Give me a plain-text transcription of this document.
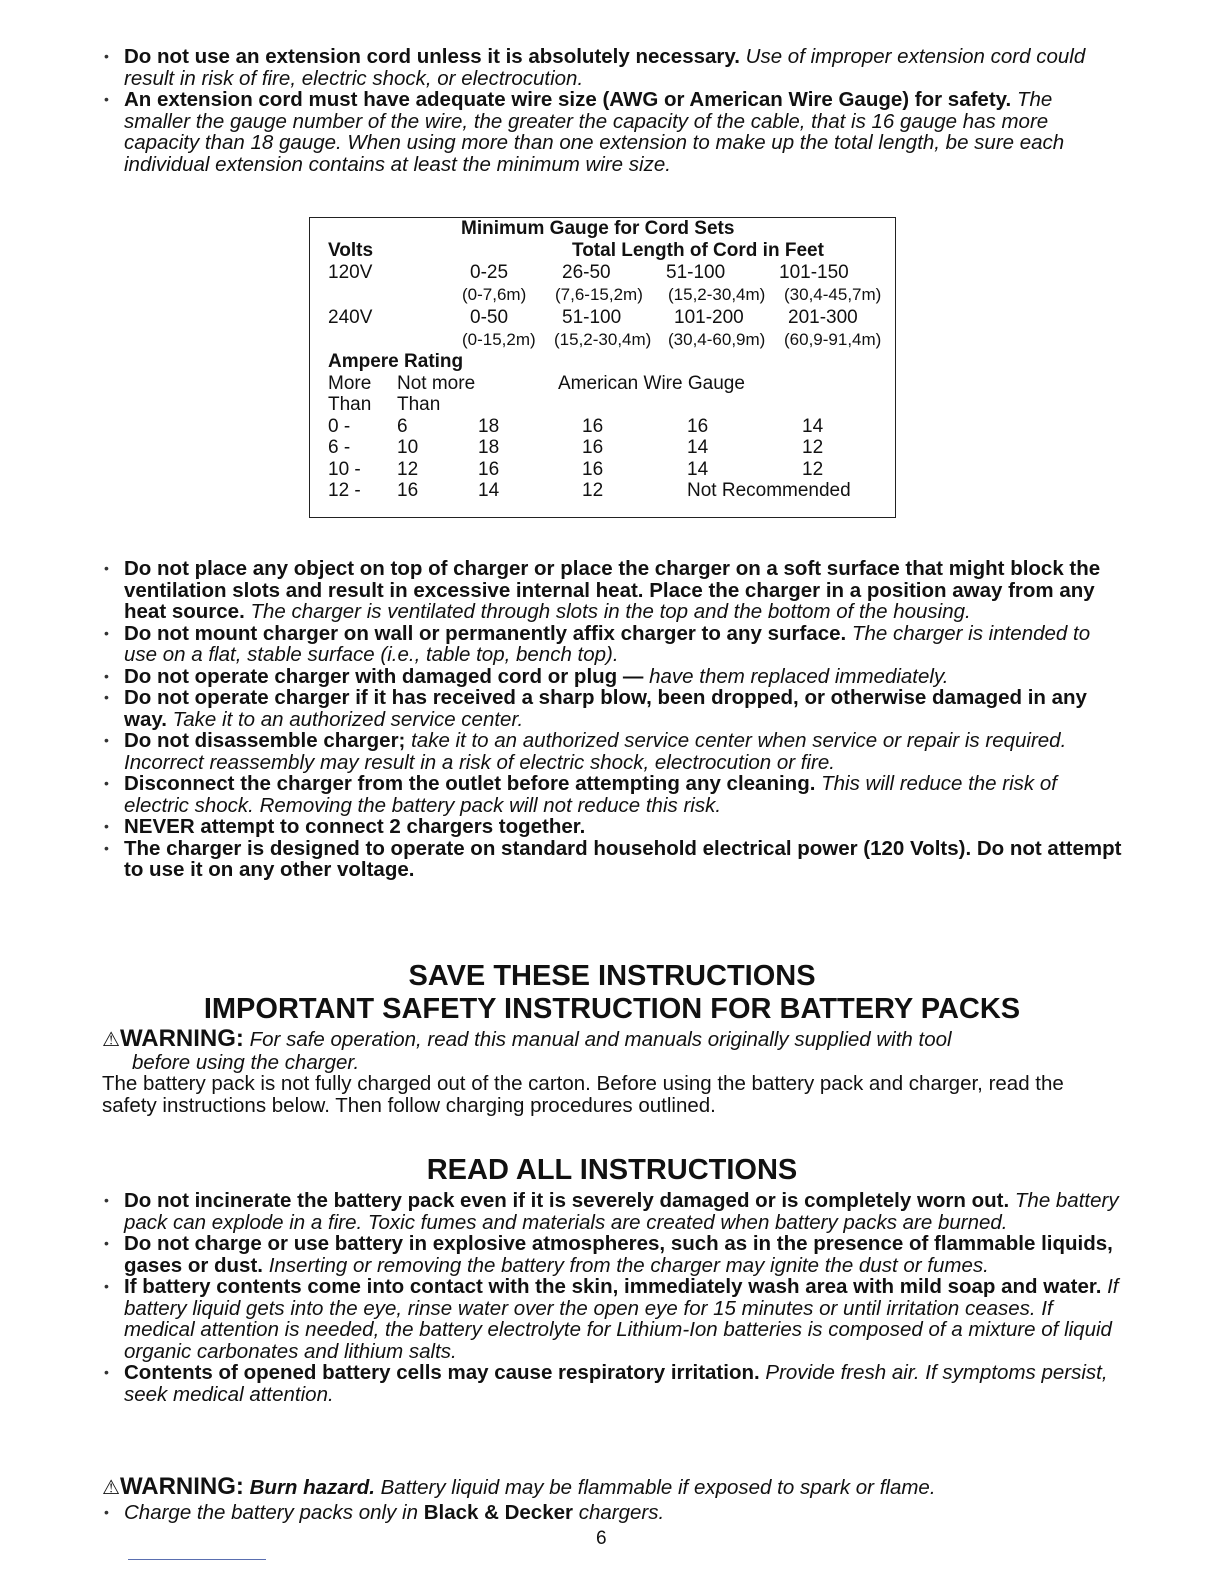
• Do not use an extension cord unless it is absolutely necessary. Use of improper extension cord could result in risk of fire, electric shock, or electrocution.
• An extension cord must have adequate wire size (AWG or American Wire Gauge) for safety. The smaller the gauge number of the wire, the greater the capacity of the cable, that is 16 gauge has more capacity than 18 gauge. When using more than one extension to make up the total length, be sure each individual extension contains at least the minimum wire size.
Minimum Gauge for Cord Sets
Volts	Total Length of Cord in Feet
120V	0-25	26-50	51-100	101-150
(0-7,6m) (7,6-15,2m) (15,2-30,4m) (30,4-45,7m)
240V	0-50	51-100	101-200 201-300
(0-15,2m) (15,2-30,4m) (30,4-60,9m) (60,9-91,4m)
Ampere Rating
More Not more	American Wire Gauge
Than Than
0 - 6	18	16	16	14
6 - 10	18	16	14	12
10 - 12	16	16	14	12
12 - 16	14	12	Not Recommended
• Do not place any object on top of charger or place the charger on a soft surface that might block the ventilation slots and result in excessive internal heat. Place the charger in a position away from any heat source. The charger is ventilated through slots in the top and the bottom of the housing.
• Do not mount charger on wall or permanently affix charger to any surface. The charger is intended to use on a flat, stable surface (i.e., table top, bench top).
• Do not operate charger with damaged cord or plug — have them replaced immediately.
• Do not operate charger if it has received a sharp blow, been dropped, or otherwise damaged in any way. Take it to an authorized service center.
• Do not disassemble charger; take it to an authorized service center when service or repair is required. Incorrect reassembly may result in a risk of electric shock, electrocution or fire.
• Disconnect the charger from the outlet before attempting any cleaning. This will reduce the risk of electric shock. Removing the battery pack will not reduce this risk.
• NEVER attempt to connect 2 chargers together.
• The charger is designed to operate on standard household electrical power (120 Volts). Do not attempt to use it on any other voltage.
SAVE THESE INSTRUCTIONS
IMPORTANT SAFETY INSTRUCTION FOR BATTERY PACKS
⚠WARNING: For safe operation, read this manual and manuals originally supplied with tool
before using the charger.
The battery pack is not fully charged out of the carton. Before using the battery pack and charger, read the safety instructions below. Then follow charging procedures outlined.
READ ALL INSTRUCTIONS
• Do not incinerate the battery pack even if it is severely damaged or is completely worn out. The battery pack can explode in a fire. Toxic fumes and materials are created when battery packs are burned.
• Do not charge or use battery in explosive atmospheres, such as in the presence of flammable liquids, gases or dust. Inserting or removing the battery from the charger may ignite the dust or fumes.
• If battery contents come into contact with the skin, immediately wash area with mild soap and water. If battery liquid gets into the eye, rinse water over the open eye for 15 minutes or until irritation ceases. If medical attention is needed, the battery electrolyte for Lithium-Ion batteries is composed of a mixture of liquid organic carbonates and lithium salts.
• Contents of opened battery cells may cause respiratory irritation. Provide fresh air. If symptoms persist, seek medical attention.
⚠WARNING: Burn hazard. Battery liquid may be flammable if exposed to spark or flame.
• Charge the battery packs only in Black & Decker chargers.
6
